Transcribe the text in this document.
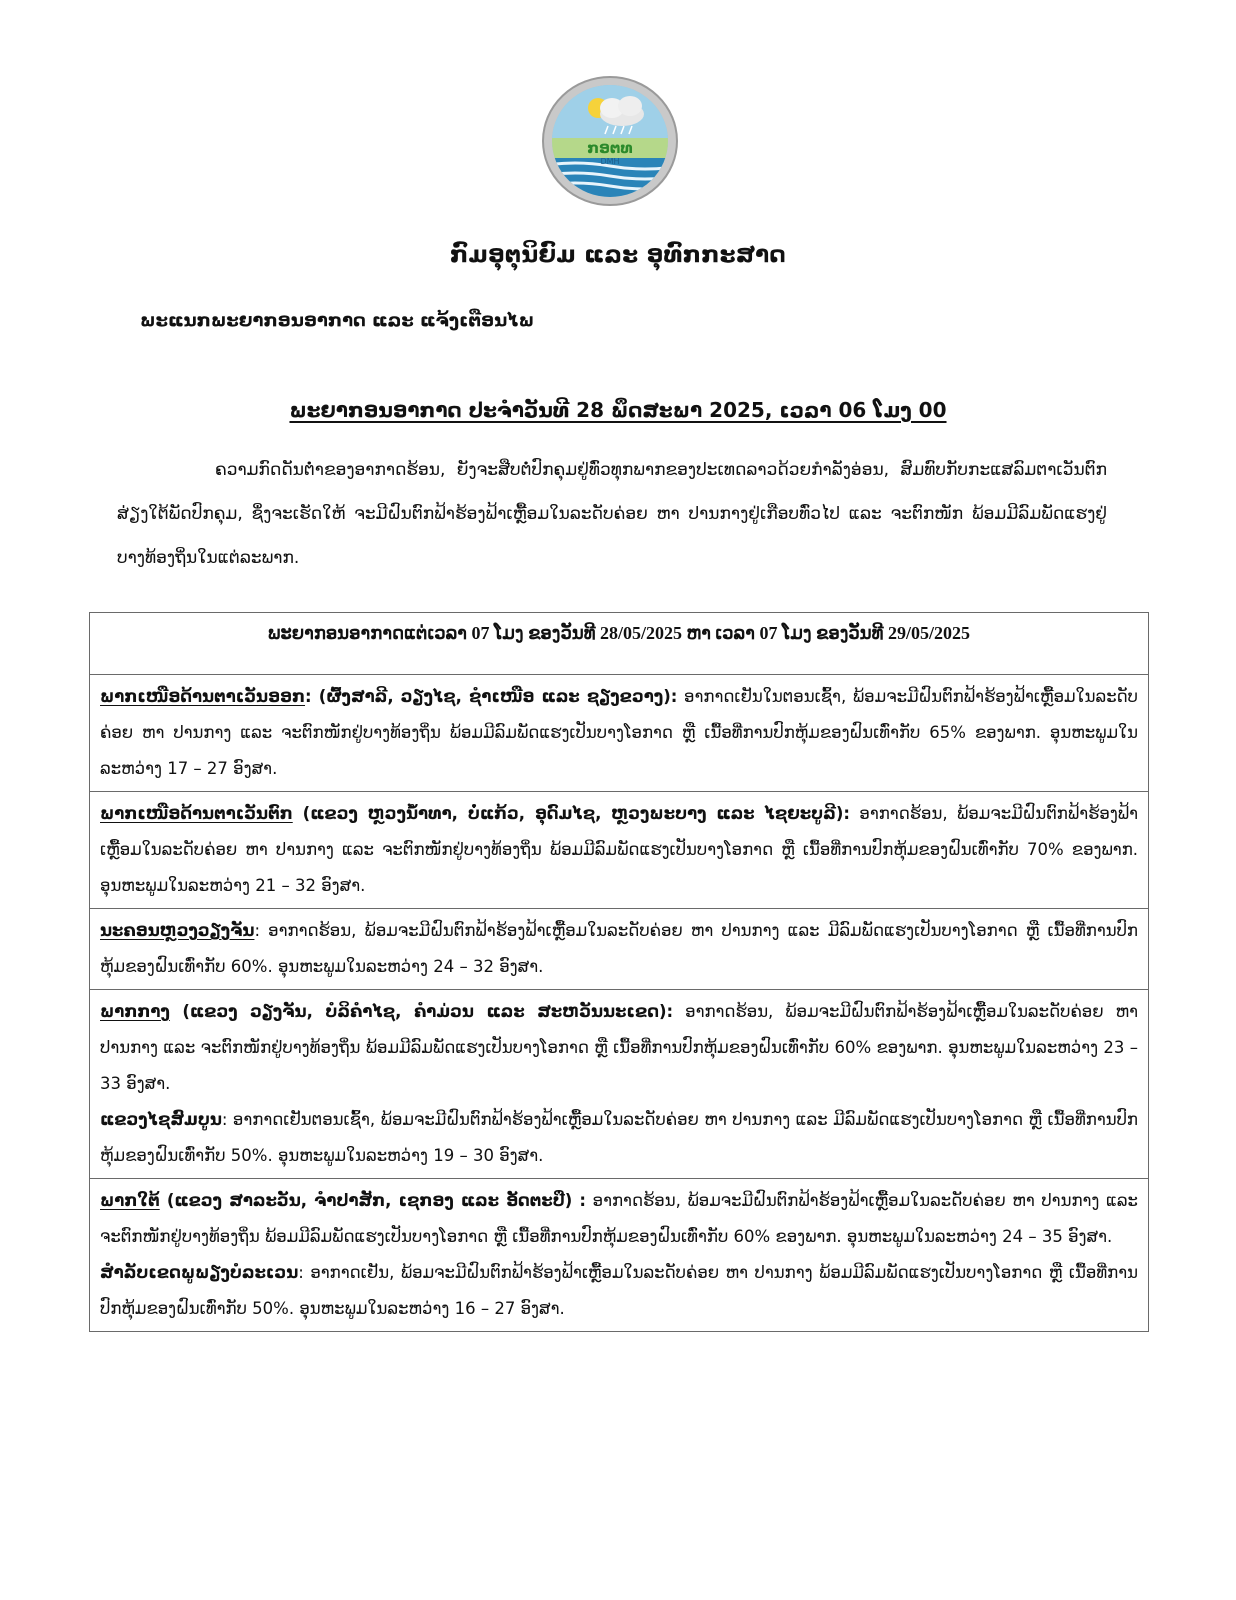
ກອຕທ
DMH
ກົມອຸຕຸນິຍົມ ແລະ ອຸທົກກະສາດ
ພະແນກພະຍາກອນອາກາດ ແລະ ແຈ້ງເຕືອນໄພ
ພະຍາກອນອາກາດ ປະຈຳວັນທີ 28 ພຶດສະພາ 2025, ເວລາ 06 ໂມງ 00
ຄວາມກົດດັນຕ່ຳຂອງອາກາດຮ້ອນ, ຍັງຈະສືບຕໍ່ປົກຄຸມຢູ່ທົ່ວທຸກພາກຂອງປະເທດລາວດ້ວຍກຳລັງອ່ອນ, ສົມທົບກັບກະແສລົມຕາເວັນຕົກສ່ຽງໃຕ້ພັດປົກຄຸມ, ຊຶ່ງຈະເຮັດໃຫ້ ຈະມີຝົນຕົກຟ້າຮ້ອງຟ້າເຫຼື້ອມໃນລະດັບຄ່ອຍ ຫາ ປານກາງຢູ່ເກືອບທົ່ວໄປ ແລະ ຈະຕົກໜັກ ພ້ອມມີລົມພັດແຮງຢູ່ບາງທ້ອງຖິ່ນໃນແຕ່ລະພາກ.
ພະຍາກອນອາກາດແຕ່ເວລາ 07 ໂມງ ຂອງວັນທີ 28/05/2025 ຫາ ເວລາ 07 ໂມງ ຂອງວັນທີ 29/05/2025
ພາກເໜືອດ້ານຕາເວັນອອກ: (ຜົ້ງສາລີ, ວຽງໄຊ, ຊຳເໜືອ ແລະ ຊຽງຂວາງ): ອາກາດເຢັນໃນຕອນເຊົ້າ, ພ້ອມຈະມີຝົນຕົກຟ້າຮ້ອງຟ້າເຫຼື້ອມໃນລະດັບຄ່ອຍ ຫາ ປານກາງ ແລະ ຈະຕົກໜັກຢູ່ບາງທ້ອງຖິ່ນ ພ້ອມມີລົມພັດແຮງເປັນບາງໂອກາດ ຫຼື ເນື້ອທີ່ການປົກຫຸ້ມຂອງຝົນເທົ່າກັບ 65% ຂອງພາກ. ອຸນຫະພູມໃນລະຫວ່າງ 17 – 27 ອົງສາ.
ພາກເໜືອດ້ານຕາເວັນຕົກ (ແຂວງ ຫຼວງນ້ຳທາ, ບໍ່ແກ້ວ, ອຸດົມໄຊ, ຫຼວງພະບາງ ແລະ ໄຊຍະບູລີ): ອາກາດຮ້ອນ, ພ້ອມຈະມີຝົນຕົກຟ້າຮ້ອງຟ້າເຫຼື້ອມໃນລະດັບຄ່ອຍ ຫາ ປານກາງ ແລະ ຈະຕົກໜັກຢູ່ບາງທ້ອງຖິ່ນ ພ້ອມມີລົມພັດແຮງເປັນບາງໂອກາດ ຫຼື ເນື້ອທີ່ການປົກຫຸ້ມຂອງຝົນເທົ່າກັບ 70% ຂອງພາກ. ອຸນຫະພູມໃນລະຫວ່າງ 21 – 32 ອົງສາ.
ນະຄອນຫຼວງວຽງຈັນ: ອາກາດຮ້ອນ, ພ້ອມຈະມີຝົນຕົກຟ້າຮ້ອງຟ້າເຫຼື້ອມໃນລະດັບຄ່ອຍ ຫາ ປານກາງ ແລະ ມີລົມພັດແຮງເປັນບາງໂອກາດ ຫຼື ເນື້ອທີ່ການປົກຫຸ້ມຂອງຝົນເທົ່າກັບ 60%. ອຸນຫະພູມໃນລະຫວ່າງ 24 – 32 ອົງສາ.
ພາກກາງ (ແຂວງ ວຽງຈັນ, ບໍລິຄຳໄຊ, ຄຳມ່ວນ ແລະ ສະຫວັນນະເຂດ): ອາກາດຮ້ອນ, ພ້ອມຈະມີຝົນຕົກຟ້າຮ້ອງຟ້າເຫຼື້ອມໃນລະດັບຄ່ອຍ ຫາ ປານກາງ ແລະ ຈະຕົກໜັກຢູ່ບາງທ້ອງຖິ່ນ ພ້ອມມີລົມພັດແຮງເປັນບາງໂອກາດ ຫຼື ເນື້ອທີ່ການປົກຫຸ້ມຂອງຝົນເທົ່າກັບ 60% ຂອງພາກ. ອຸນຫະພູມໃນລະຫວ່າງ 23 – 33 ອົງສາ.
ແຂວງໄຊສົມບູນ: ອາກາດເຢັນຕອນເຊົ້າ, ພ້ອມຈະມີຝົນຕົກຟ້າຮ້ອງຟ້າເຫຼື້ອມໃນລະດັບຄ່ອຍ ຫາ ປານກາງ ແລະ ມີລົມພັດແຮງເປັນບາງໂອກາດ ຫຼື ເນື້ອທີ່ການປົກຫຸ້ມຂອງຝົນເທົ່າກັບ 50%. ອຸນຫະພູມໃນລະຫວ່າງ 19 – 30 ອົງສາ.
ພາກໃຕ້ (ແຂວງ ສາລະວັນ, ຈຳປາສັກ, ເຊກອງ ແລະ ອັດຕະປື) : ອາກາດຮ້ອນ, ພ້ອມຈະມີຝົນຕົກຟ້າຮ້ອງຟ້າເຫຼື້ອມໃນລະດັບຄ່ອຍ ຫາ ປານກາງ ແລະ ຈະຕົກໜັກຢູ່ບາງທ້ອງຖິ່ນ ພ້ອມມີລົມພັດແຮງເປັນບາງໂອກາດ ຫຼື ເນື້ອທີ່ການປົກຫຸ້ມຂອງຝົນເທົ່າກັບ 60% ຂອງພາກ. ອຸນຫະພູມໃນລະຫວ່າງ 24 – 35 ອົງສາ.
ສຳລັບເຂດພູພຽງບໍລະເວນ: ອາກາດເຢັນ, ພ້ອມຈະມີຝົນຕົກຟ້າຮ້ອງຟ້າເຫຼື້ອມໃນລະດັບຄ່ອຍ ຫາ ປານກາງ ພ້ອມມີລົມພັດແຮງເປັນບາງໂອກາດ ຫຼື ເນື້ອທີ່ການປົກຫຸ້ມຂອງຝົນເທົ່າກັບ 50%. ອຸນຫະພູມໃນລະຫວ່າງ 16 – 27 ອົງສາ.
